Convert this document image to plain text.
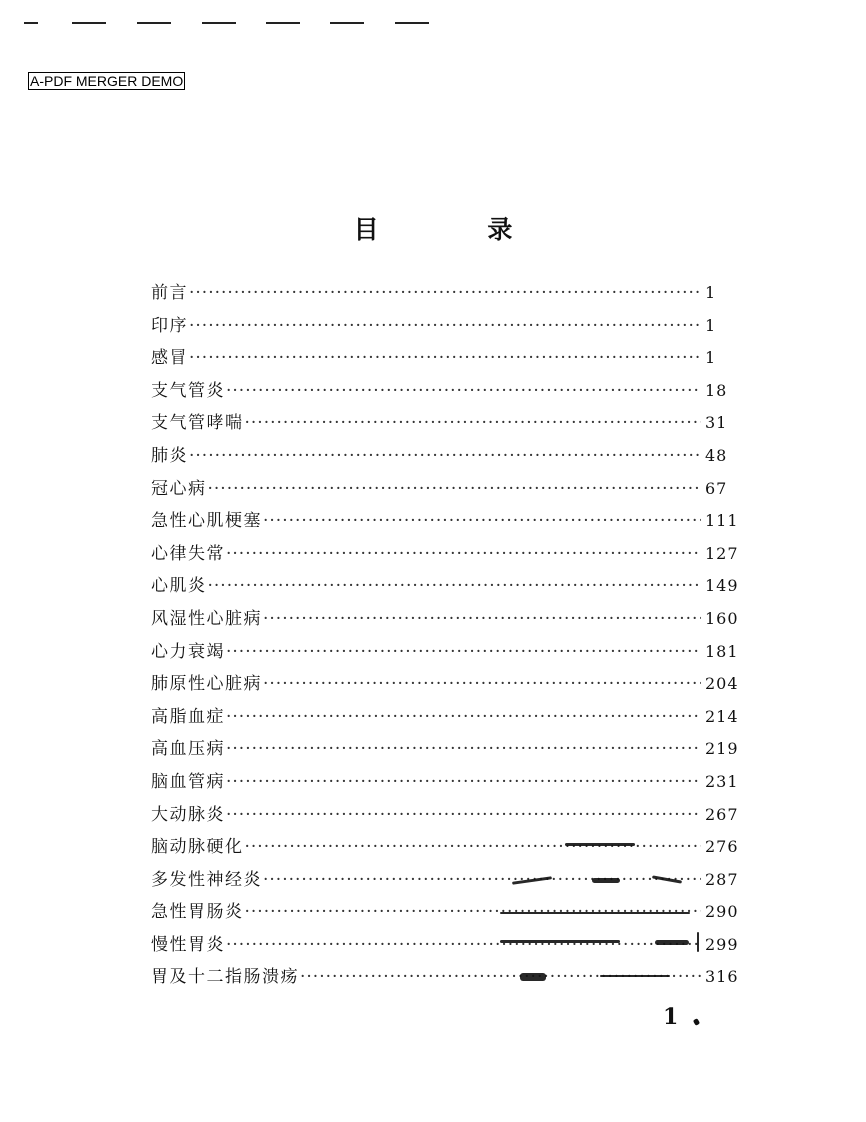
A-PDF MERGER DEMO
目 录
前言 ·····	1
印序 ·····	1
感冒 ·····	1
支气管炎 ·····	18
支气管哮喘 ·····	31
肺炎 ·····	48
冠心病 ·····	67
急性心肌梗塞 ·····	111
心律失常 ·····	127
心肌炎 ·····	149
风湿性心脏病 ·····	160
心力衰竭 ·····	181
肺原性心脏病 ·····	204
高脂血症 ·····	214
高血压病 ·····	219
脑血管病 ·····	231
大动脉炎 ·····	267
脑动脉硬化 ·····	276
多发性神经炎 ·····	287
急性胃肠炎 ·····	290
慢性胃炎 ·····	299
胃及十二指肠溃疡 ·····	316
1
